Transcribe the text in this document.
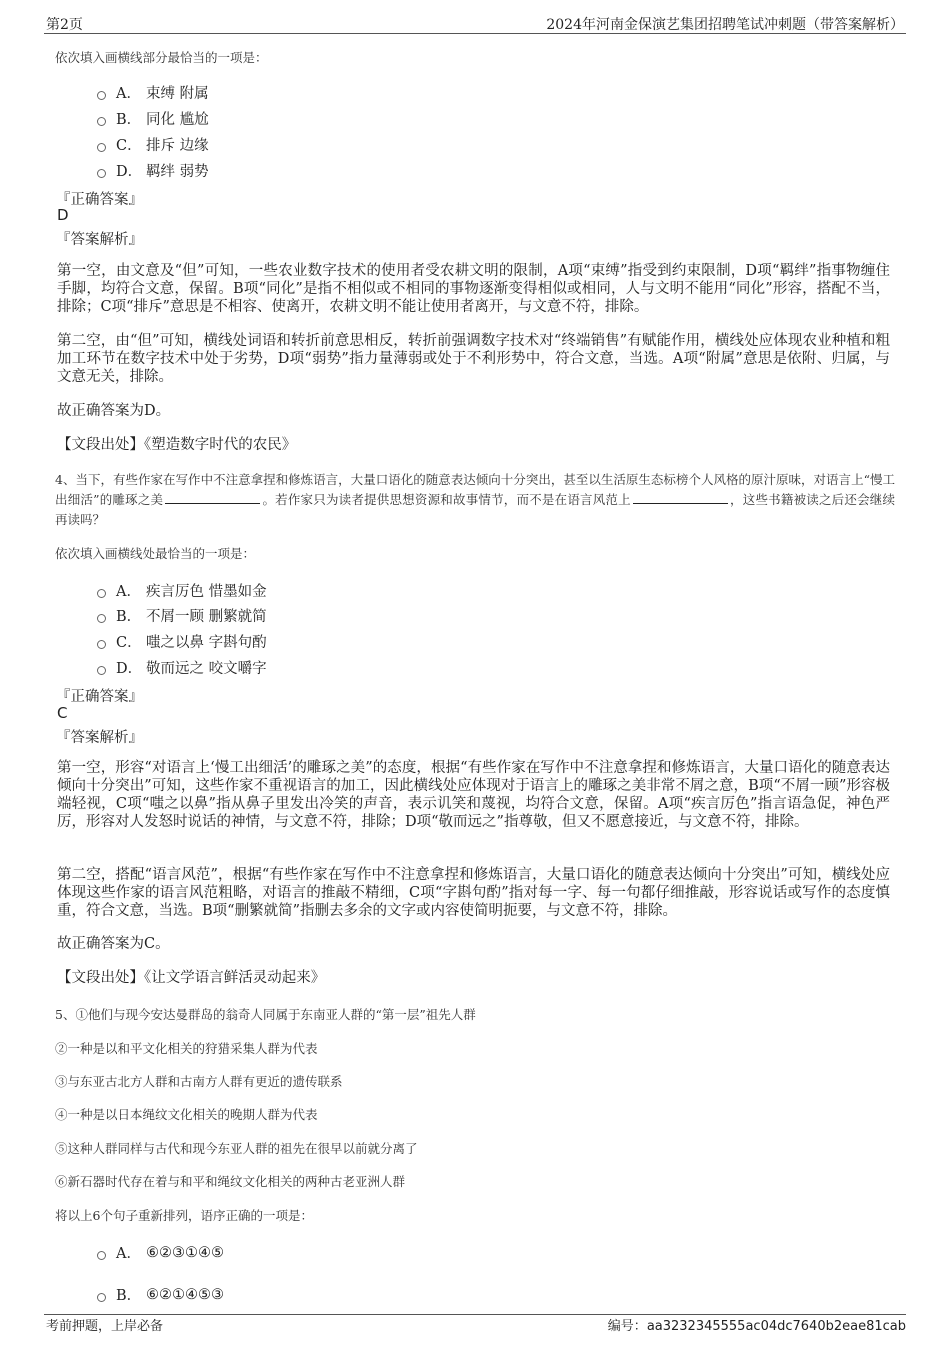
第2页	2024年河南金保演艺集团招聘笔试冲刺题（带答案解析）
依次填入画横线部分最恰当的一项是：
A． 束缚 附属
B． 同化 尴尬
C． 排斥 边缘
D． 羁绊 弱势
『正确答案』
D
『答案解析』
第一空，由文意及“但”可知，一些农业数字技术的使用者受农耕文明的限制，A项“束缚”指受到约束限制，D项“羁绊”指事物缠住手脚，均符合文意，保留。B项“同化”是指不相似或不相同的事物逐渐变得相似或相同，人与文明不能用“同化”形容，搭配不当，排除；C项“排斥”意思是不相容、使离开，农耕文明不能让使用者离开，与文意不符，排除。
第二空，由“但”可知，横线处词语和转折前意思相反，转折前强调数字技术对“终端销售”有赋能作用，横线处应体现农业种植和粗加工环节在数字技术中处于劣势，D项“弱势”指力量薄弱或处于不利形势中，符合文意，当选。A项“附属”意思是依附、归属，与文意无关，排除。
故正确答案为D。
【文段出处】《塑造数字时代的农民》
4、当下，有些作家在写作中不注意拿捏和修炼语言，大量口语化的随意表达倾向十分突出，甚至以生活原生态标榜个人风格的原汁原味，对语言上“慢工出细活”的雕琢之美	。若作家只为读者提供思想资源和故事情节，而不是在语言风范上	，这些书籍被读之后还会继续再读吗？
依次填入画横线处最恰当的一项是：
A． 疾言厉色 惜墨如金
B． 不屑一顾 删繁就简
C． 嗤之以鼻 字斟句酌
D． 敬而远之 咬文嚼字
『正确答案』
C
『答案解析』
第一空，形容“对语言上‘慢工出细活’的雕琢之美”的态度，根据“有些作家在写作中不注意拿捏和修炼语言，大量口语化的随意表达倾向十分突出”可知，这些作家不重视语言的加工，因此横线处应体现对于语言上的雕琢之美非常不屑之意，B项“不屑一顾”形容极端轻视，C项“嗤之以鼻”指从鼻子里发出冷笑的声音，表示讥笑和蔑视，均符合文意，保留。A项“疾言厉色”指言语急促，神色严厉，形容对人发怒时说话的神情，与文意不符，排除；D项“敬而远之”指尊敬，但又不愿意接近，与文意不符，排除。
第二空，搭配“语言风范”，根据“有些作家在写作中不注意拿捏和修炼语言，大量口语化的随意表达倾向十分突出”可知，横线处应体现这些作家的语言风范粗略，对语言的推敲不精细，C项“字斟句酌”指对每一字、每一句都仔细推敲，形容说话或写作的态度慎重，符合文意，当选。B项“删繁就简”指删去多余的文字或内容使简明扼要，与文意不符，排除。
故正确答案为C。
【文段出处】《让文学语言鲜活灵动起来》
5、①他们与现今安达曼群岛的翁奇人同属于东南亚人群的“第一层”祖先人群
②一种是以和平文化相关的狩猎采集人群为代表
③与东亚古北方人群和古南方人群有更近的遗传联系
④一种是以日本绳纹文化相关的晚期人群为代表
⑤这种人群同样与古代和现今东亚人群的祖先在很早以前就分离了
⑥新石器时代存在着与和平和绳纹文化相关的两种古老亚洲人群
将以上6个句子重新排列，语序正确的一项是：
A． ⑥②③①④⑤
B． ⑥②①④⑤③
考前押题，上岸必备	编号：aa3232345555ac04dc7640b2eae81cab
